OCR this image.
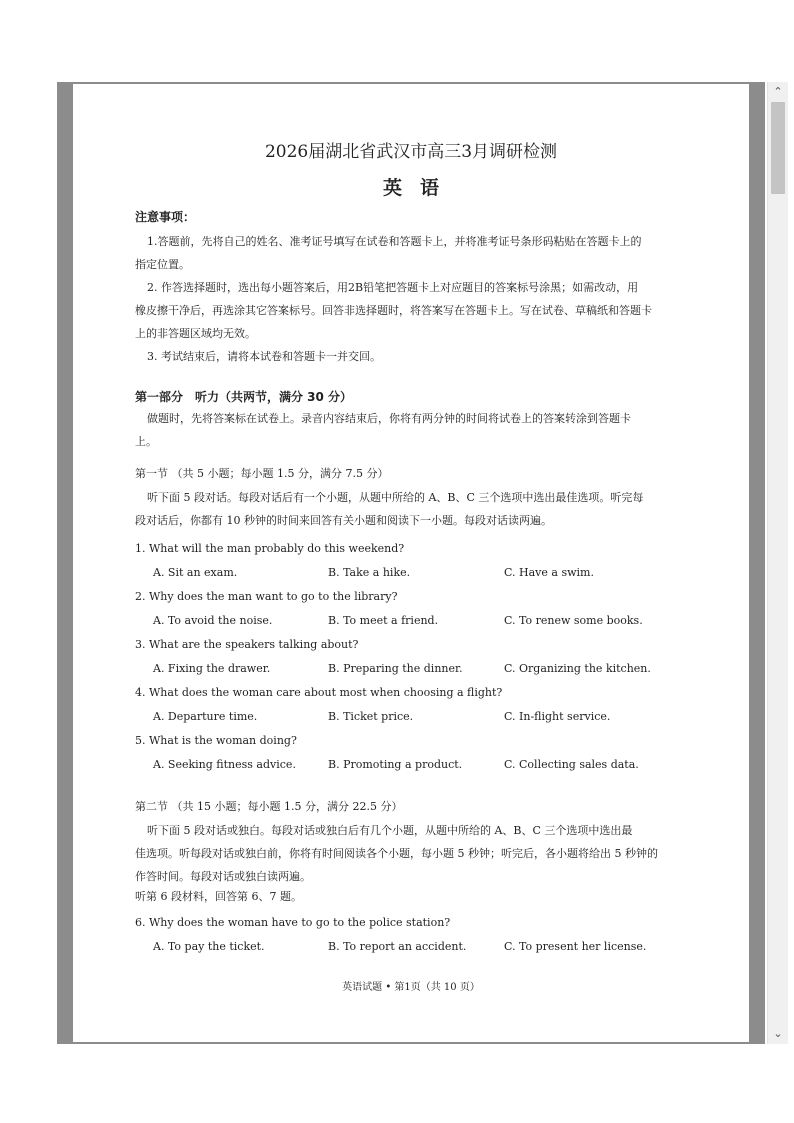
2026届湖北省武汉市高三3月调研检测
英语
注意事项：
1.答题前，先将自己的姓名、准考证号填写在试卷和答题卡上，并将准考证号条形码粘贴在答题卡上的
指定位置。
2. 作答选择题时，选出每小题答案后，用2B铅笔把答题卡上对应题目的答案标号涂黑；如需改动，用
橡皮擦干净后，再选涂其它答案标号。回答非选择题时，将答案写在答题卡上。写在试卷、草稿纸和答题卡
上的非答题区域均无效。
3. 考试结束后，请将本试卷和答题卡一并交回。
第一部分　听力（共两节，满分 30 分）
做题时，先将答案标在试卷上。录音内容结束后，你将有两分钟的时间将试卷上的答案转涂到答题卡
上。
第一节 （共 5 小题；每小题 1.5 分，满分 7.5 分）
听下面 5 段对话。每段对话后有一个小题，从题中所给的 A、B、C 三个选项中选出最佳选项。听完每
段对话后，你都有 10 秒钟的时间来回答有关小题和阅读下一小题。每段对话读两遍。
1. What will the man probably do this weekend?
A. Sit an exam.	B. Take a hike.	C. Have a swim.
2. Why does the man want to go to the library?
A. To avoid the noise.	B. To meet a friend.	C. To renew some books.
3. What are the speakers talking about?
A. Fixing the drawer.	B. Preparing the dinner.	C. Organizing the kitchen.
4. What does the woman care about most when choosing a flight?
A. Departure time.	B. Ticket price.	C. In-flight service.
5. What is the woman doing?
A. Seeking fitness advice.	B. Promoting a product.	C. Collecting sales data.
第二节 （共 15 小题；每小题 1.5 分，满分 22.5 分）
听下面 5 段对话或独白。每段对话或独白后有几个小题，从题中所给的 A、B、C 三个选项中选出最
佳选项。听每段对话或独白前，你将有时间阅读各个小题，每小题 5 秒钟；听完后，各小题将给出 5 秒钟的
作答时间。每段对话或独白读两遍。
听第 6 段材料，回答第 6、7 题。
6. Why does the woman have to go to the police station?
A. To pay the ticket.	B. To report an accident.	C. To present her license.
英语试题 • 第1页（共 10 页）
⌃
⌄
